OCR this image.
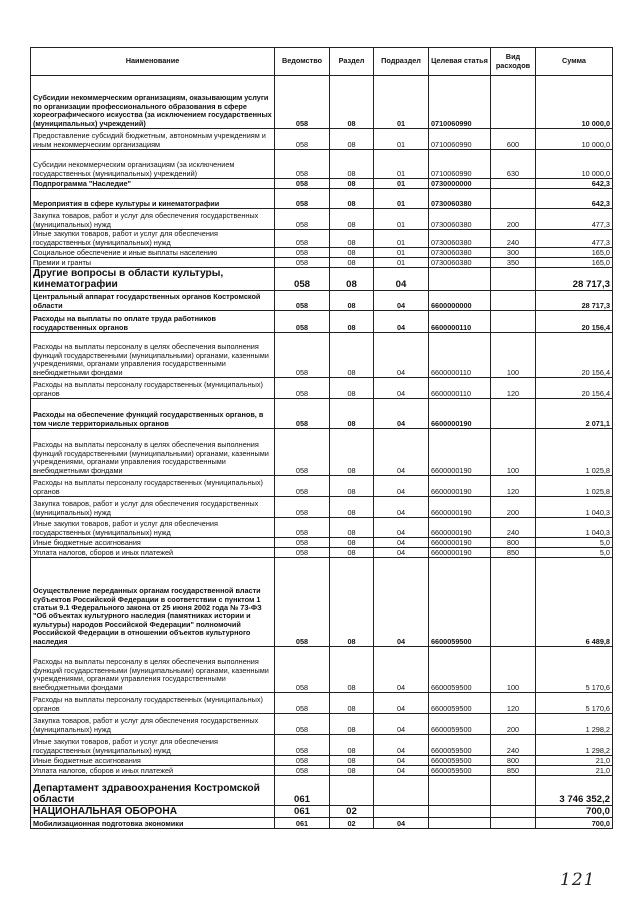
Наименование	Ведомство	Раздел	Подраздел	Целевая статья	Вид расходов	Сумма
Субсидии некоммерческим организациям, оказывающим услуги по организации профессионального образования в сфере хореографического искусства (за исключением государственных (муниципальных) учреждений)	058	08	01	0710060990		10 000,0
Предоставление субсидий бюджетным, автономным учреждениям и иным некоммерческим организациям	058	08	01	0710060990	600	10 000,0
Субсидии некоммерческим организациям (за исключением государственных (муниципальных) учреждений)	058	08	01	0710060990	630	10 000,0
Подпрограмма "Наследие"	058	08	01	0730000000		642,3
Мероприятия в сфере культуры и кинематографии	058	08	01	0730060380		642,3
Закупка товаров, работ и услуг для обеспечения государственных (муниципальных) нужд	058	08	01	0730060380	200	477,3
Иные закупки товаров, работ и услуг для обеспечения государственных (муниципальных) нужд	058	08	01	0730060380	240	477,3
Социальное обеспечение и иные выплаты населению	058	08	01	0730060380	300	165,0
Премии и гранты	058	08	01	0730060380	350	165,0
Другие вопросы в области культуры, кинематографии	058	08	04			28 717,3
Центральный аппарат государственных органов Костромской области	058	08	04	6600000000		28 717,3
Расходы на выплаты по оплате труда работников государственных органов	058	08	04	6600000110		20 156,4
Расходы на выплаты персоналу в целях обеспечения выполнения функций государственными (муниципальными) органами, казенными учреждениями, органами управления государственными внебюджетными фондами	058	08	04	6600000110	100	20 156,4
Расходы на выплаты персоналу государственных (муниципальных) органов	058	08	04	6600000110	120	20 156,4
Расходы на обеспечение функций государственных органов, в том числе территориальных органов	058	08	04	6600000190		2 071,1
Расходы на выплаты персоналу в целях обеспечения выполнения функций государственными (муниципальными) органами, казенными учреждениями, органами управления государственными внебюджетными фондами	058	08	04	6600000190	100	1 025,8
Расходы на выплаты персоналу государственных (муниципальных) органов	058	08	04	6600000190	120	1 025,8
Закупка товаров, работ и услуг для обеспечения государственных (муниципальных) нужд	058	08	04	6600000190	200	1 040,3
Иные закупки товаров, работ и услуг для обеспечения государственных (муниципальных) нужд	058	08	04	6600000190	240	1 040,3
Иные бюджетные ассигнования	058	08	04	6600000190	800	5,0
Уплата налогов, сборов и иных платежей	058	08	04	6600000190	850	5,0
Осуществление переданных органам государственной власти субъектов Российской Федерации в соответствии с пунктом 1 статьи 9.1 Федерального закона от 25 июня 2002 года № 73-ФЗ "Об объектах культурного наследия (памятниках истории и культуры) народов Российской Федерации" полномочий Российской Федерации в отношении объектов культурного наследия	058	08	04	6600059500		6 489,8
Расходы на выплаты персоналу в целях обеспечения выполнения функций государственными (муниципальными) органами, казенными учреждениями, органами управления государственными внебюджетными фондами	058	08	04	6600059500	100	5 170,6
Расходы на выплаты персоналу государственных (муниципальных) органов	058	08	04	6600059500	120	5 170,6
Закупка товаров, работ и услуг для обеспечения государственных (муниципальных) нужд	058	08	04	6600059500	200	1 298,2
Иные закупки товаров, работ и услуг для обеспечения государственных (муниципальных) нужд	058	08	04	6600059500	240	1 298,2
Иные бюджетные ассигнования	058	08	04	6600059500	800	21,0
Уплата налогов, сборов и иных платежей	058	08	04	6600059500	850	21,0
Департамент здравоохранения Костромской области	061					3 746 352,2
НАЦИОНАЛЬНАЯ ОБОРОНА	061	02				700,0
Мобилизационная подготовка экономики	061	02	04			700,0
121
